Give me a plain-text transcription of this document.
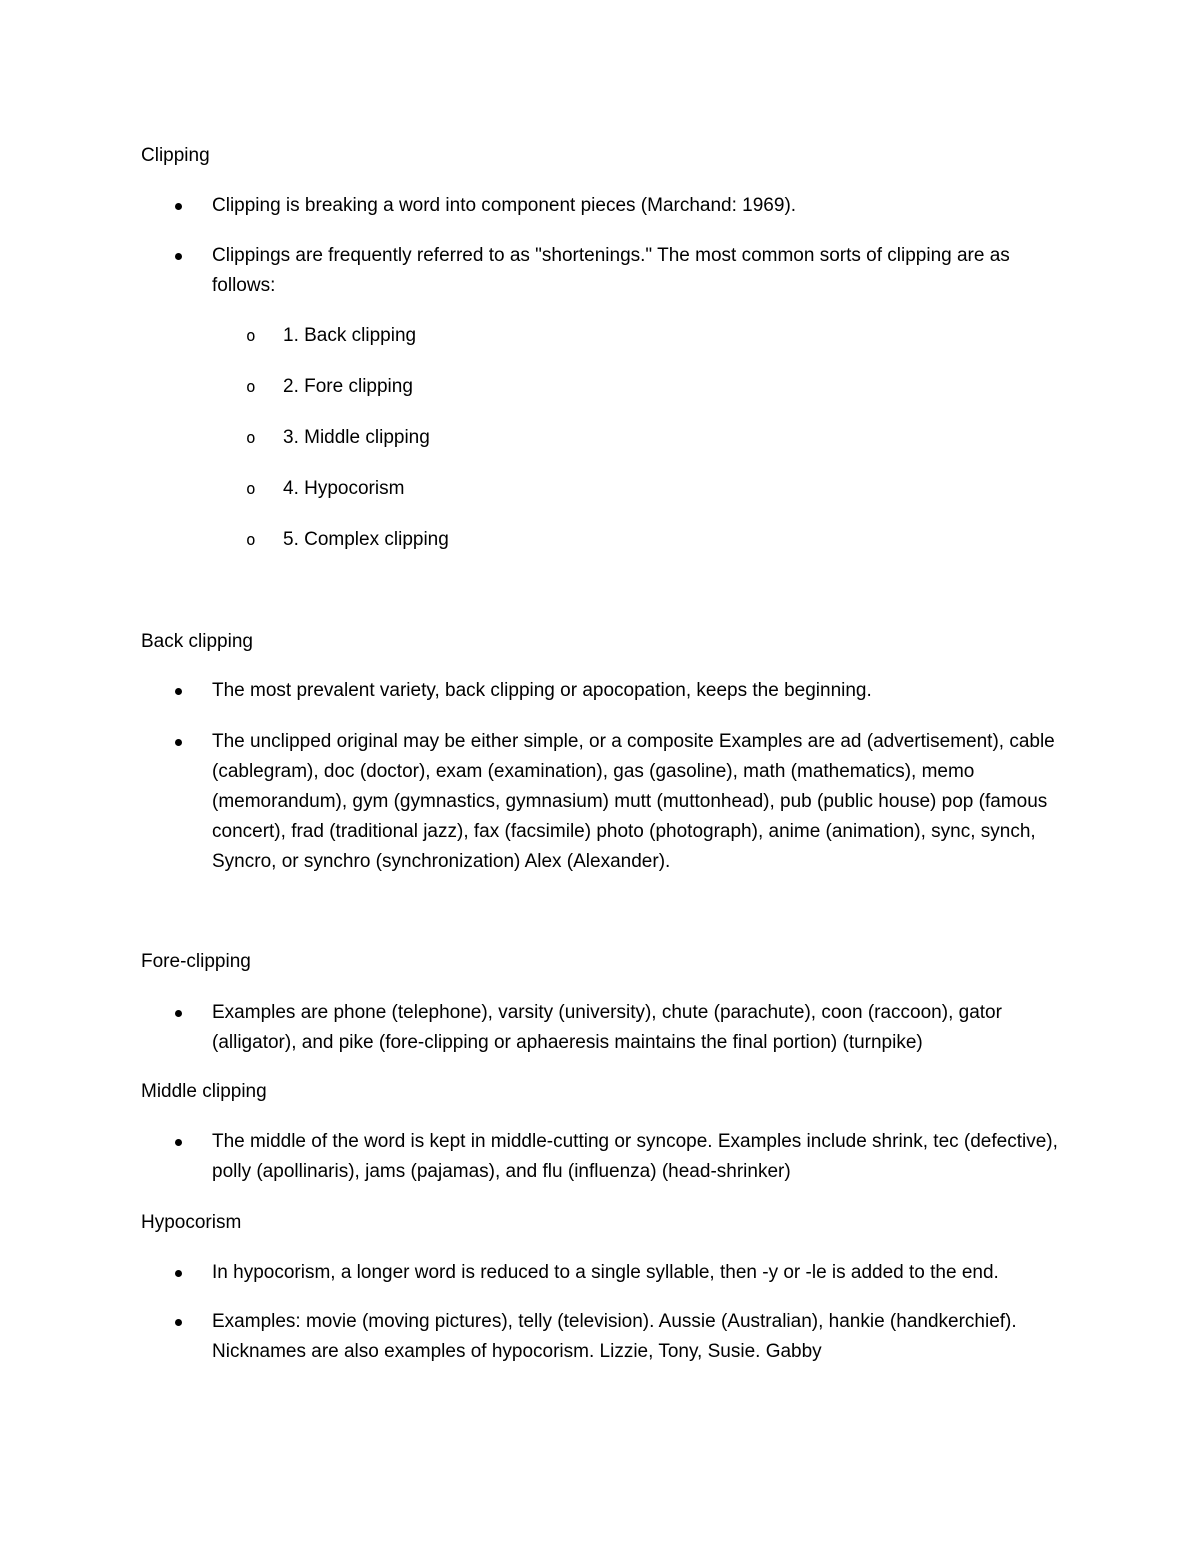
Clipping
Clipping is breaking a word into component pieces (Marchand: 1969).
Clippings are frequently referred to as "shortenings." The most common sorts of clipping are as follows:
o 1. Back clipping
o 2. Fore clipping
o 3. Middle clipping
o 4. Hypocorism
o 5. Complex clipping
Back clipping
The most prevalent variety, back clipping or apocopation, keeps the beginning.
The unclipped original may be either simple, or a composite Examples are ad (advertisement), cable (cablegram), doc (doctor), exam (examination), gas (gasoline), math (mathematics), memo (memorandum), gym (gymnastics, gymnasium) mutt (muttonhead), pub (public house) pop (famous concert), frad (traditional jazz), fax (facsimile) photo (photograph), anime (animation), sync, synch, Syncro, or synchro (synchronization) Alex (Alexander).
Fore-clipping
Examples are phone (telephone), varsity (university), chute (parachute), coon (raccoon), gator (alligator), and pike (fore-clipping or aphaeresis maintains the final portion) (turnpike)
Middle clipping
The middle of the word is kept in middle-cutting or syncope. Examples include shrink, tec (defective), polly (apollinaris), jams (pajamas), and flu (influenza) (head-shrinker)
Hypocorism
In hypocorism, a longer word is reduced to a single syllable, then -y or -le is added to the end.
Examples: movie (moving pictures), telly (television). Aussie (Australian), hankie (handkerchief). Nicknames are also examples of hypocorism. Lizzie, Tony, Susie. Gabby
